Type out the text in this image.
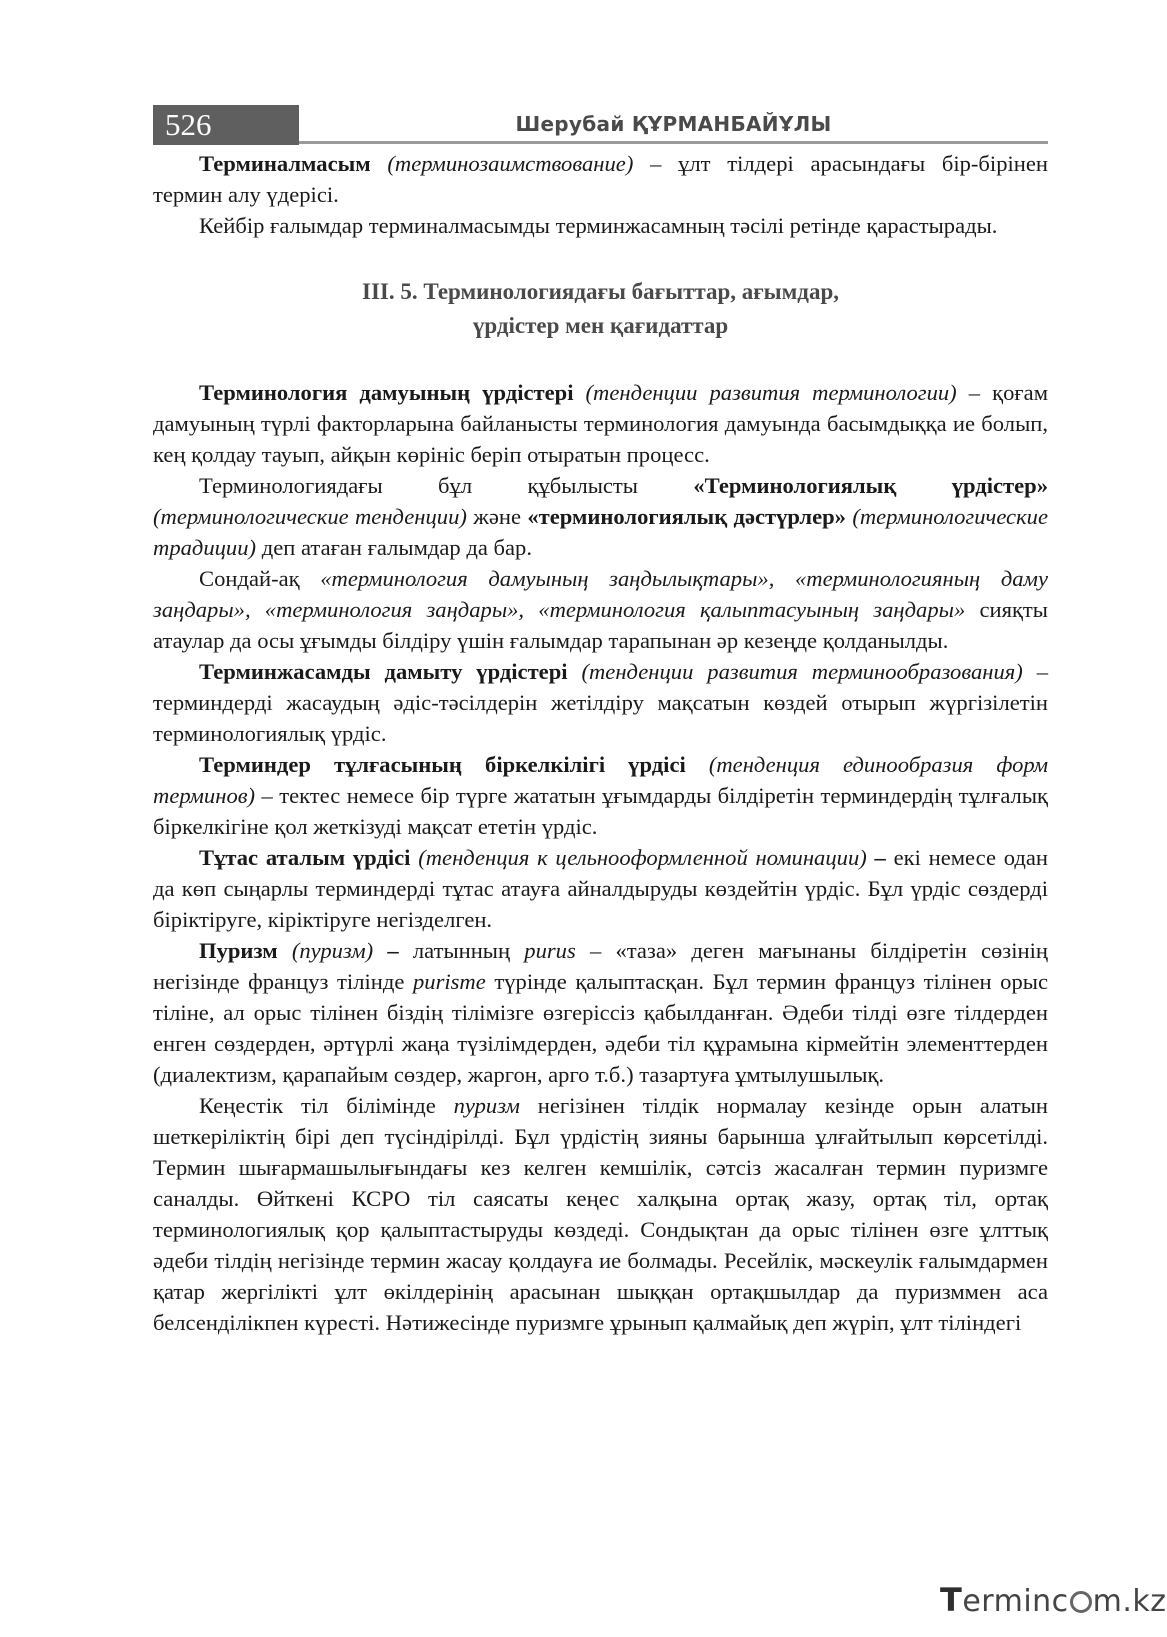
526	Шерубай ҚҰРМАНБАЙҰЛЫ

Терминалмасым (терминозаимствование) – ұлт тілдері арасындағы бір-бірінен термин алу үдерісі.

Кейбір ғалымдар терминалмасымды терминжасамның тәсілі ретінде қарастырады.

ІІІ. 5. Терминологиядағы бағыттар, ағымдар,
үрдістер мен қағидаттар

Терминология дамуының үрдістері (тенденции развития терминологии) – қоғам дамуының түрлі факторларына байланысты терминология дамуында басымдыққа ие болып, кең қолдау тауып, айқын көрініс беріп отыратын процесс.

Терминологиядағы бұл құбылысты «Терминологиялық үрдістер» (терминологические тенденции) және «терминологиялық дәстүрлер» (терминологические традиции) деп атаған ғалымдар да бар.

Сондай-ақ «терминология дамуының заңдылықтары», «терминологияның даму заңдары», «терминология заңдары», «терминология қалыптасуының заңдары» сияқты атаулар да осы ұғымды білдіру үшін ғалымдар тарапынан әр кезеңде қолданылды.

Терминжасамды дамыту үрдістері (тенденции развития терминообразования) – терминдерді жасаудың әдіс-тәсілдерін жетілдіру мақсатын көздей отырып жүргізілетін терминологиялық үрдіс.

Терминдер тұлғасының біркелкілігі үрдісі (тенденция единообразия форм терминов) – тектес немесе бір түрге жататын ұғымдарды білдіретін терминдердің тұлғалық біркелкігіне қол жеткізуді мақсат ететін үрдіс.

Тұтас аталым үрдісі (тенденция к цельнооформленной номинации) – екі немесе одан да көп сыңарлы терминдерді тұтас атауға айналдыруды көздейтін үрдіс. Бұл үрдіс сөздерді біріктіруге, кіріктіруге негізделген.

Пуризм (пуризм) – латынның purus – «таза» деген мағынаны білдіретін сөзінің негізінде француз тілінде purisme түрінде қалыптасқан. Бұл термин француз тілінен орыс тіліне, ал орыс тілінен біздің тілімізге өзгеріссіз қабылданған. Әдеби тілді өзге тілдерден енген сөздерден, әртүрлі жаңа түзілімдерден, әдеби тіл құрамына кірмейтін элементтерден (диалектизм, қарапайым сөздер, жаргон, арго т.б.) тазартуға ұмтылушылық.

Кеңестік тіл білімінде пуризм негізінен тілдік нормалау кезінде орын алатын шеткеріліктің бірі деп түсіндірілді. Бұл үрдістің зияны барынша ұлғайтылып көрсетілді. Термин шығармашылығындағы кез келген кемшілік, сәтсіз жасалған термин пуризмге саналды. Өйткені КСРО тіл саясаты кеңес халқына ортақ жазу, ортақ тіл, ортақ терминологиялық қор қалыптастыруды көздеді. Сондықтан да орыс тілінен өзге ұлттық әдеби тілдің негізінде термин жасау қолдауға ие болмады. Ресейлік, мәскеулік ғалымдармен қатар жергілікті ұлт өкілдерінің арасынан шыққан ортақшылдар да пуризммен аса белсенділікпен күресті. Нәтижесінде пуризмге ұрынып қалмайық деп жүріп, ұлт тіліндегі

Terminc m.kz
